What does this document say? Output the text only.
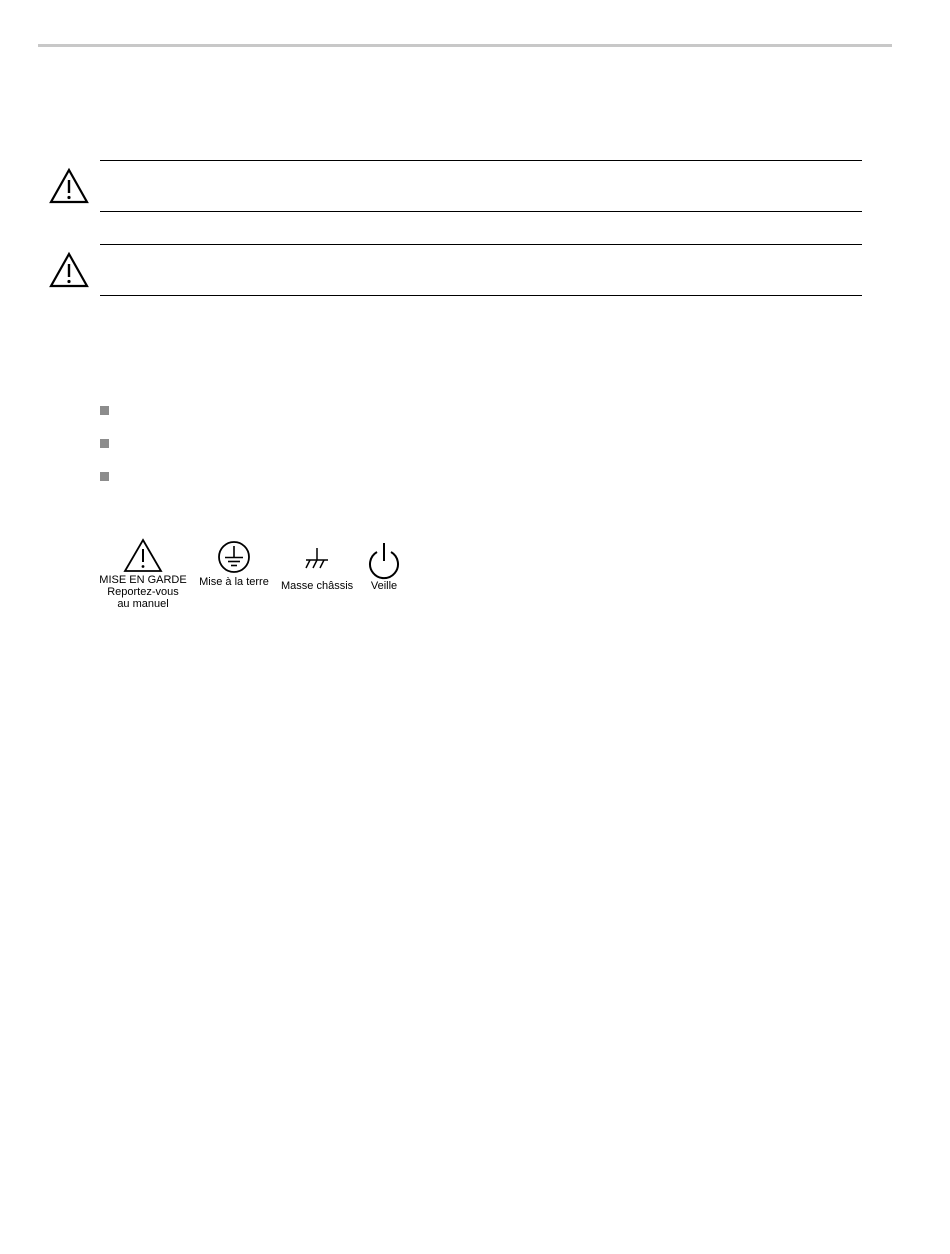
MISE EN GARDE
Reportez-vous
au manuel
Mise à la terre Masse châssis	Veille
